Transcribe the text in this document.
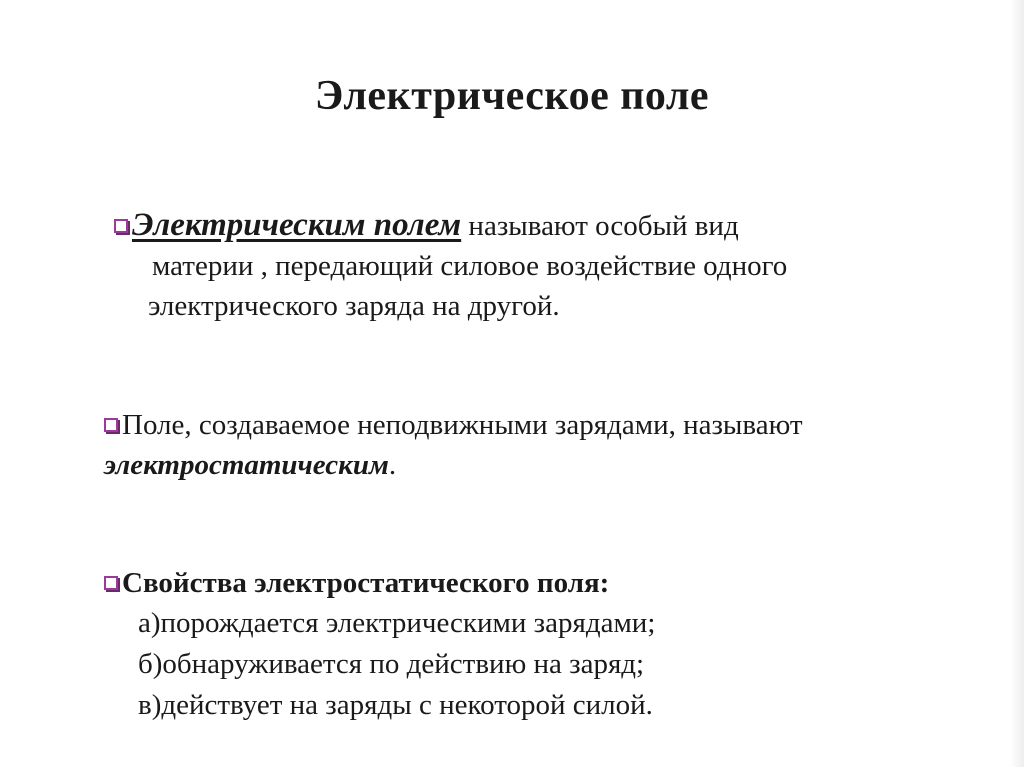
Электрическое поле
Электрическим полем называют особый вид
материи , передающий силовое воздействие одного
электрического заряда на другой.
Поле, создаваемое неподвижными зарядами, называют
электростатическим.
Свойства электростатического поля:
а)порождается электрическими зарядами;
б)обнаруживается по действию на заряд;
в)действует на заряды с некоторой силой.
